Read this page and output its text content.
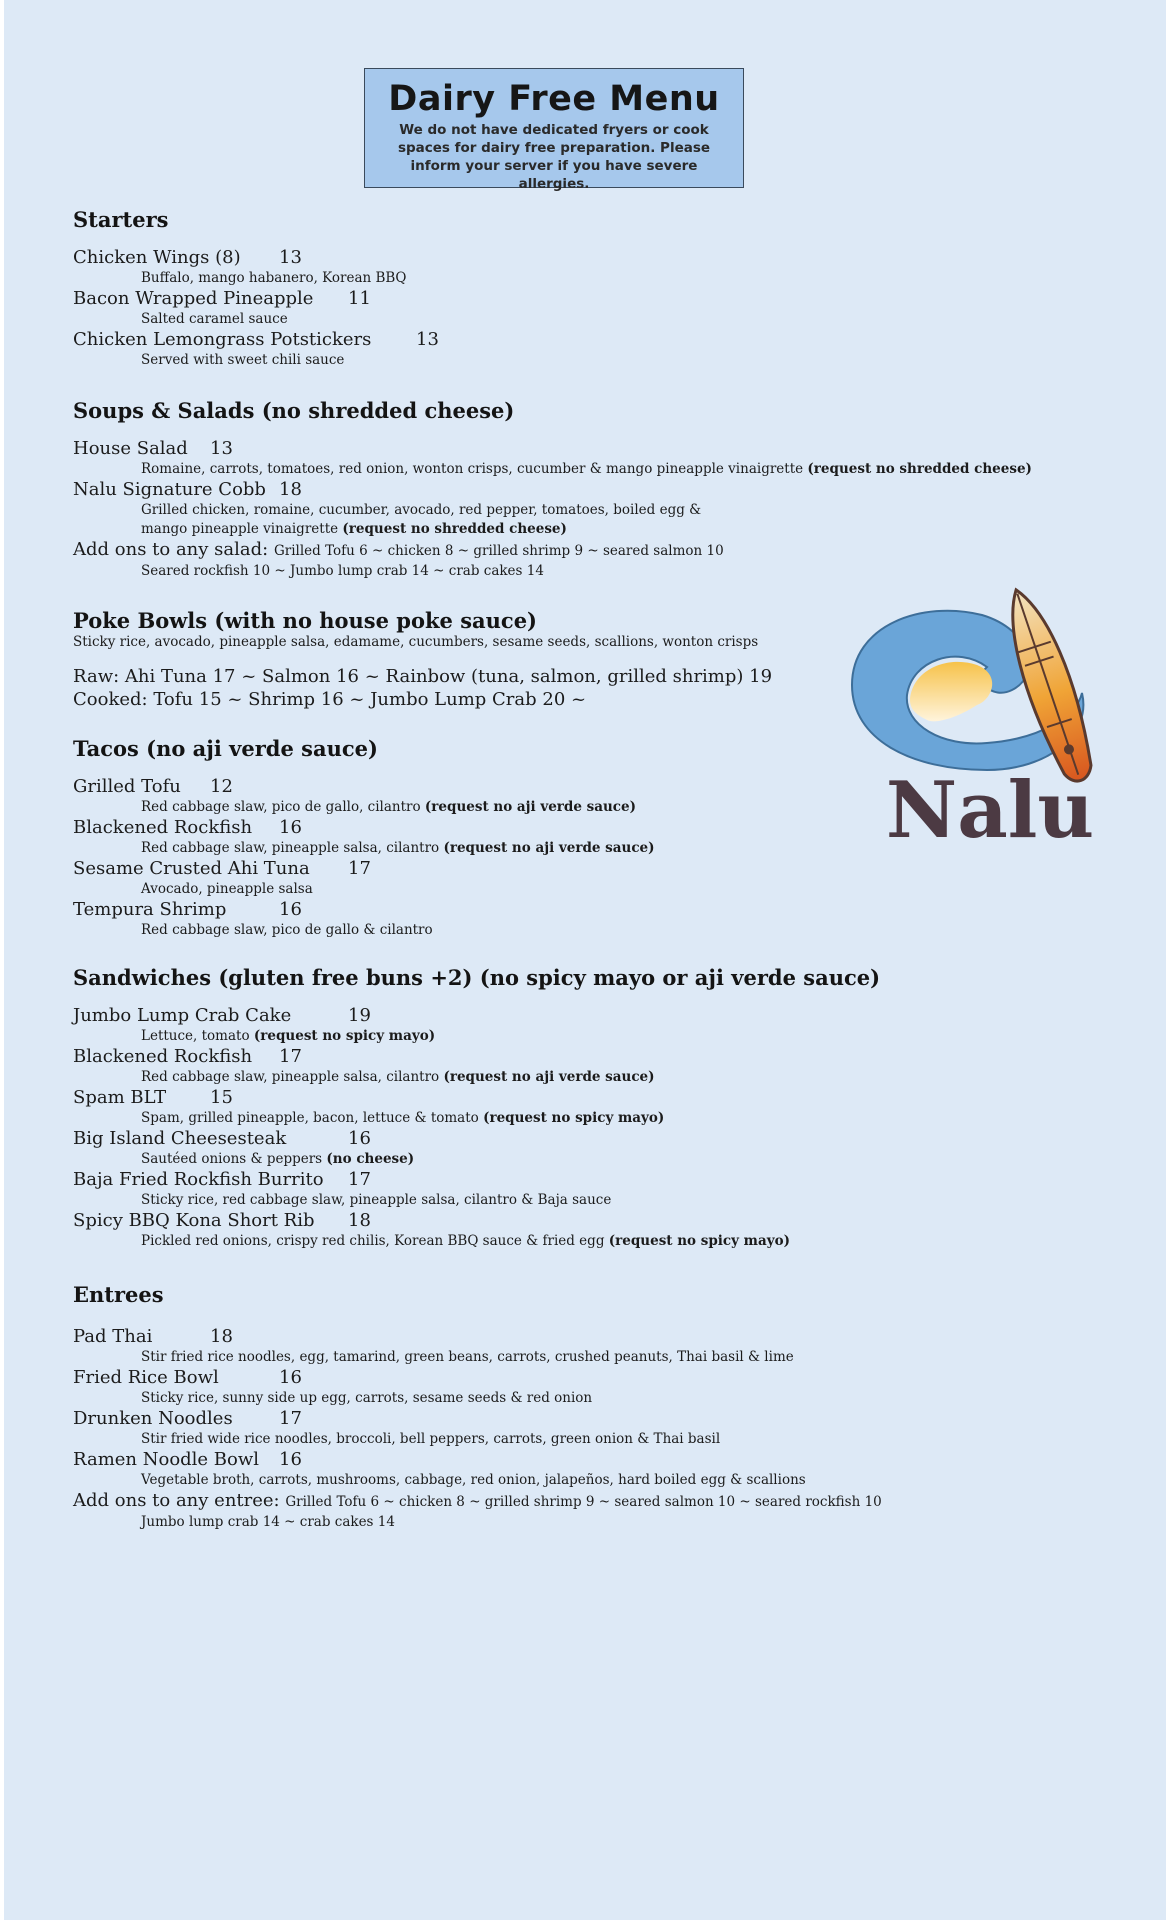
Dairy Free Menu
We do not have dedicated fryers or cook spaces for dairy free preparation. Please inform your server if you have severe allergies.
Starters
Chicken Wings (8) 13
Buffalo, mango habanero, Korean BBQ
Bacon Wrapped Pineapple 11
Salted caramel sauce
Chicken Lemongrass Potstickers 13
Served with sweet chili sauce
Soups & Salads (no shredded cheese)
House Salad 13
Romaine, carrots, tomatoes, red onion, wonton crisps, cucumber & mango pineapple vinaigrette (request no shredded cheese)
Nalu Signature Cobb 18
Grilled chicken, romaine, cucumber, avocado, red pepper, tomatoes, boiled egg &
mango pineapple vinaigrette (request no shredded cheese)
Add ons to any salad: Grilled Tofu 6 ~ chicken 8 ~ grilled shrimp 9 ~ seared salmon 10
Seared rockfish 10 ~ Jumbo lump crab 14 ~ crab cakes 14
Poke Bowls (with no house poke sauce)
Sticky rice, avocado, pineapple salsa, edamame, cucumbers, sesame seeds, scallions, wonton crisps
Raw: Ahi Tuna 17 ~ Salmon 16 ~ Rainbow (tuna, salmon, grilled shrimp) 19
Cooked: Tofu 15 ~ Shrimp 16 ~ Jumbo Lump Crab 20 ~
Tacos (no aji verde sauce)
Grilled Tofu 12
Red cabbage slaw, pico de gallo, cilantro (request no aji verde sauce)
Blackened Rockfish 16
Red cabbage slaw, pineapple salsa, cilantro (request no aji verde sauce)
Sesame Crusted Ahi Tuna 17
Avocado, pineapple salsa
Tempura Shrimp	16
Red cabbage slaw, pico de gallo & cilantro
Sandwiches (gluten free buns +2) (no spicy mayo or aji verde sauce)
Jumbo Lump Crab Cake	19
Lettuce, tomato (request no spicy mayo)
Blackened Rockfish 17
Red cabbage slaw, pineapple salsa, cilantro (request no aji verde sauce)
Spam BLT 15
Spam, grilled pineapple, bacon, lettuce & tomato (request no spicy mayo)
Big Island Cheesesteak	16
Sautéed onions & peppers (no cheese)
Baja Fried Rockfish Burrito 17
Sticky rice, red cabbage slaw, pineapple salsa, cilantro & Baja sauce
Spicy BBQ Kona Short Rib 18
Pickled red onions, crispy red chilis, Korean BBQ sauce & fried egg (request no spicy mayo)
Entrees
Pad Thai	18
Stir fried rice noodles, egg, tamarind, green beans, carrots, crushed peanuts, Thai basil & lime
Fried Rice Bowl	16
Sticky rice, sunny side up egg, carrots, sesame seeds & red onion
Drunken Noodles	17
Stir fried wide rice noodles, broccoli, bell peppers, carrots, green onion & Thai basil
Ramen Noodle Bowl 16
Vegetable broth, carrots, mushrooms, cabbage, red onion, jalapeños, hard boiled egg & scallions
Add ons to any entree: Grilled Tofu 6 ~ chicken 8 ~ grilled shrimp 9 ~ seared salmon 10 ~ seared rockfish 10
Jumbo lump crab 14 ~ crab cakes 14
Nalu
